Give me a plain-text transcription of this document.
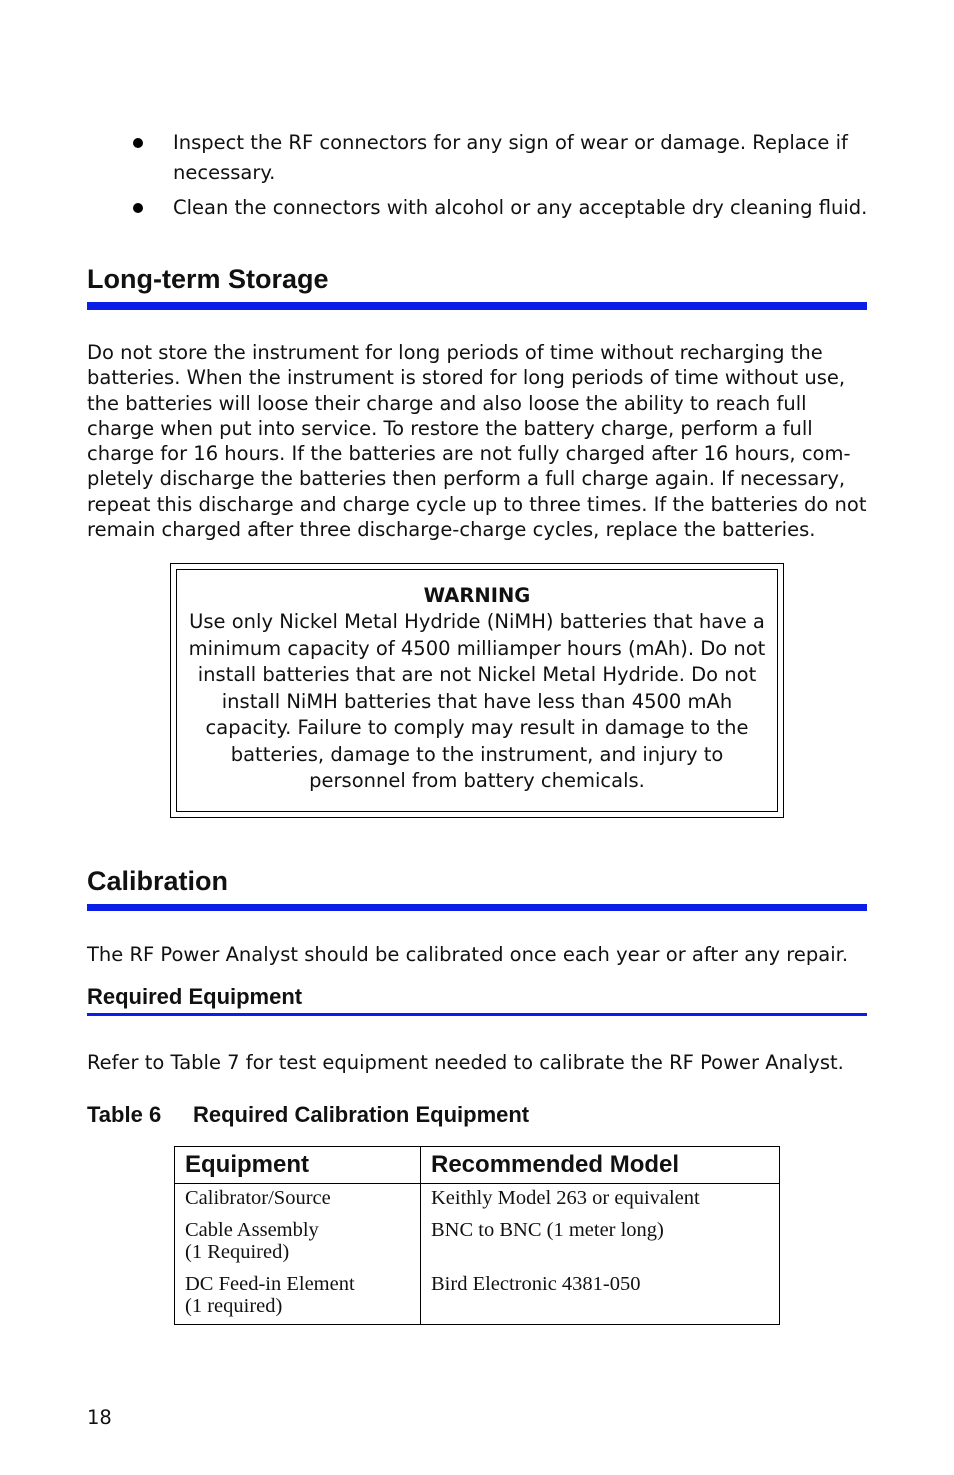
Inspect the RF connectors for any sign of wear or damage. Replace if necessary.
Clean the connectors with alcohol or any acceptable dry cleaning fluid.
Long-term Storage
Do not store the instrument for long periods of time without recharging the batteries. When the instrument is stored for long periods of time without use, the batteries will loose their charge and also loose the ability to reach full charge when put into service. To restore the battery charge, perform a full charge for 16 hours. If the batteries are not fully charged after 16 hours, com-pletely discharge the batteries then perform a full charge again. If necessary, repeat this discharge and charge cycle up to three times. If the batteries do not remain charged after three discharge-charge cycles, replace the batteries.
WARNING
Use only Nickel Metal Hydride (NiMH) batteries that have a minimum capacity of 4500 milliamper hours (mAh). Do not install batteries that are not Nickel Metal Hydride. Do not install NiMH batteries that have less than 4500 mAh capacity. Failure to comply may result in damage to the batteries, damage to the instrument, and injury to personnel from battery chemicals.
Calibration
The RF Power Analyst should be calibrated once each year or after any repair.
Required Equipment
Refer to Table 7 for test equipment needed to calibrate the RF Power Analyst.
Table 6 Required Calibration Equipment
Equipment	Recommended Model
Calibrator/Source	Keithly Model 263 or equivalent

Cable Assembly
(1 Required)	BNC to BNC (1 meter long)

DC Feed-in Element
(1 required)	Bird Electronic 4381-050
18
